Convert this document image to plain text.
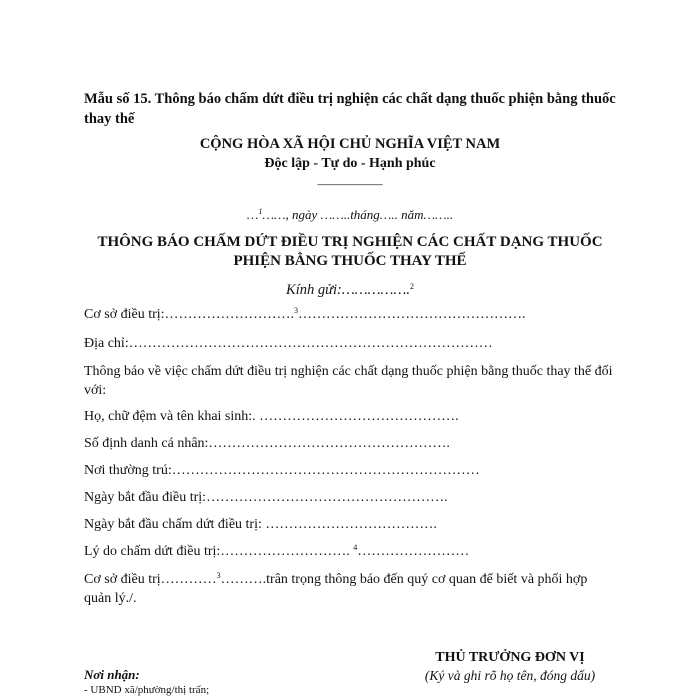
Mẫu số 15. Thông báo chấm dứt điều trị nghiện các chất dạng thuốc phiện bằng thuốc thay thế
CỘNG HÒA XÃ HỘI CHỦ NGHĨA VIỆT NAM
Độc lập - Tự do - Hạnh phúc
—————
…$^1$……, ngày ……..tháng….. năm……..
THÔNG BÁO CHẤM DỨT ĐIỀU TRỊ NGHIỆN CÁC CHẤT DẠNG THUỐC
PHIỆN BẰNG THUỐC THAY THẾ
Kính gửi:…………….$^2$
Cơ sở điều trị:……………………….$^3$………………………………………….
Địa chỉ:……………………………………………………………………
Thông báo về việc chấm dứt điều trị nghiện các chất dạng thuốc phiện bằng thuốc thay thế đối với:
Họ, chữ đệm và tên khai sinh:. …………………………………….
Số định danh cá nhân:…………………………………………….
Nơi thường trú:…………………………………………………………
Ngày bắt đầu điều trị:…………………………………………….
Ngày bắt đầu chấm dứt điều trị: ……………………………….
Lý do chấm dứt điều trị:………………………. $^4$……………………
Cơ sở điều trị…………$^3$……….trân trọng thông báo đến quý cơ quan để biết và phối hợp quản lý./.
THỦ TRƯỞNG ĐƠN VỊ
(Ký và ghi rõ họ tên, đóng dấu)
Nơi nhận:
- UBND xã/phường/thị trấn;
